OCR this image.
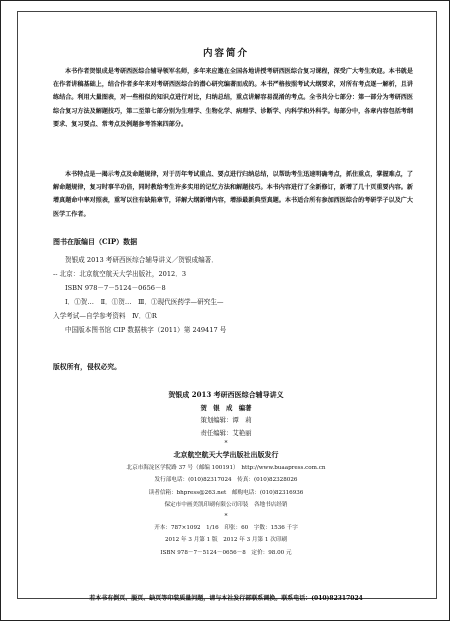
内容简介

本书作者贺银成是考研西医综合辅导领军名师，多年来应邀在全国各地讲授考研西医综合复习课程，深受广大考生欢迎。本书就是在作者讲稿基础上，结合作者多年来对考研西医综合的潜心研究编著而成的。本书严格按照考试大纲要求，对所有考点逐一解析，且讲练结合。利用大量图表，对一些相似的知识点进行对比，归纳总结，重点讲解容易混淆的考点。全书共分七部分：第一部分为考研西医综合复习方法及解题技巧，第二至第七部分别为生理学、生物化学、病理学、诊断学、内科学和外科学。每部分中，各章内容包括考纲要求、复习要点、常考点及例题参考答案四部分。

本书特点是一揭示考点及命题规律，对于历年考试重点、要点进行归纳总结，以帮助考生迅速明确考点，抓住重点，掌握难点，了解命题规律，复习时事半功倍，同时教给考生许多实用的记忆方法和解题技巧。本书内容进行了全新修订，新增了几十页重要内容。新增真题命中率对照表，重写以往有缺陷章节，详解大纲新增内容，增添最新典型真题。本书适合所有参加西医综合的考研学子以及广大医学工作者。

图书在版编目（CIP）数据
贺银成 2013 考研西医综合辅导讲义／贺银成编著．
-- 北京：北京航空航天大学出版社，2012．3
ISBN 978－7－5124－0656－8
Ⅰ．①贺…　Ⅱ．①贺…　Ⅲ．①现代医药学—研究生—
入学考试—自学参考资料　Ⅳ．①R
中国版本图书馆 CIP 数据核字（2011）第 249417 号
版权所有，侵权必究。
贺银成 2013 考研西医综合辅导讲义
贺　银　成　编著
策划编辑：谭　莉
责任编辑：艾艳丽
*
北京航空航天大学出版社出版发行
北京市海淀区学院路 37 号（邮编 100191）　http://www.buaapress.com.cn
发行部电话：(010)82317024　传真：(010)82328026
读者信箱：bhpress@263.net　邮购电话：(010)82316936
保定市中画美凯印刷有限公司印装　各地书店经销
*
开本：787×1092　1/16　印张：60　字数：1536 千字
2012 年 3 月第 1 版　2012 年 3 月第 1 次印刷
ISBN 978－7－5124－0656－8　定价：98.00 元
若本书有倒页、脱页、缺页等印装质量问题，请与本社发行部联系调换。联系电话：(010)82317024
